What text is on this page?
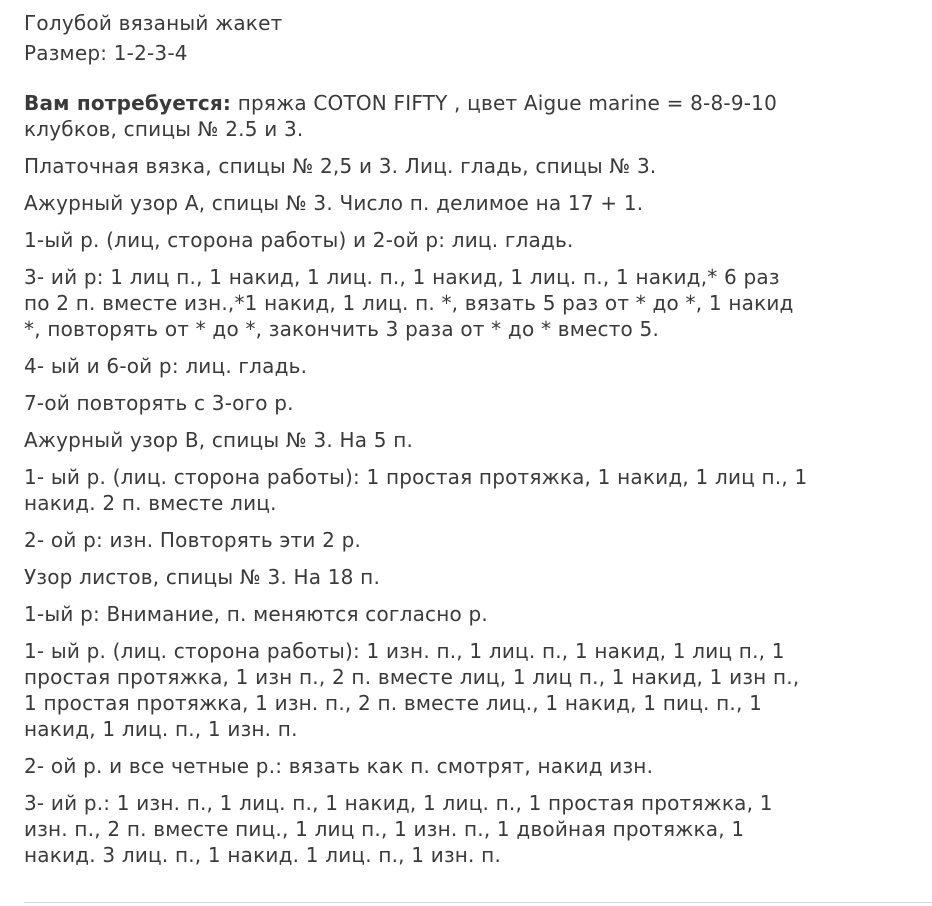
Голубой вязаный жакет
Размер: 1-2-3-4
Вам потребуется: пряжа COTON FIFTY , цвет Aigue marine = 8-8-9-10
клубков, спицы № 2.5 и 3.
Платочная вязка, спицы № 2,5 и 3. Лиц. гладь, спицы № 3.
Ажурный узор А, спицы № 3. Число п. делимое на 17 + 1.
1-ый р. (лиц, сторона работы) и 2-ой р: лиц. гладь.
3- ий р: 1 лиц п., 1 накид, 1 лиц. п., 1 накид, 1 лиц. п., 1 накид,* 6 раз
по 2 п. вместе изн.,*1 накид, 1 лиц. п. *, вязать 5 раз от * до *, 1 накид
*, повторять от * до *, закончить 3 раза от * до * вместо 5.
4- ый и 6-ой р: лиц. гладь.
7-ой повторять с 3-ого р.
Ажурный узор В, спицы № 3. На 5 п.
1- ый р. (лиц. сторона работы): 1 простая протяжка, 1 накид, 1 лиц п., 1
накид. 2 п. вместе лиц.
2- ой р: изн. Повторять эти 2 р.
Узор листов, спицы № 3. На 18 п.
1-ый р: Внимание, п. меняются согласно р.
1- ый р. (лиц. сторона работы): 1 изн. п., 1 лиц. п., 1 накид, 1 лиц п., 1
простая протяжка, 1 изн п., 2 п. вместе лиц, 1 лиц п., 1 накид, 1 изн п.,
1 простая протяжка, 1 изн. п., 2 п. вместе лиц., 1 накид, 1 пиц. п., 1
накид, 1 лиц. п., 1 изн. п.
2- ой р. и все четные р.: вязать как п. смотрят, накид изн.
3- ий р.: 1 изн. п., 1 лиц. п., 1 накид, 1 лиц. п., 1 простая протяжка, 1
изн. п., 2 п. вместе пиц., 1 лиц п., 1 изн. п., 1 двойная протяжка, 1
накид. 3 лиц. п., 1 накид. 1 лиц. п., 1 изн. п.
